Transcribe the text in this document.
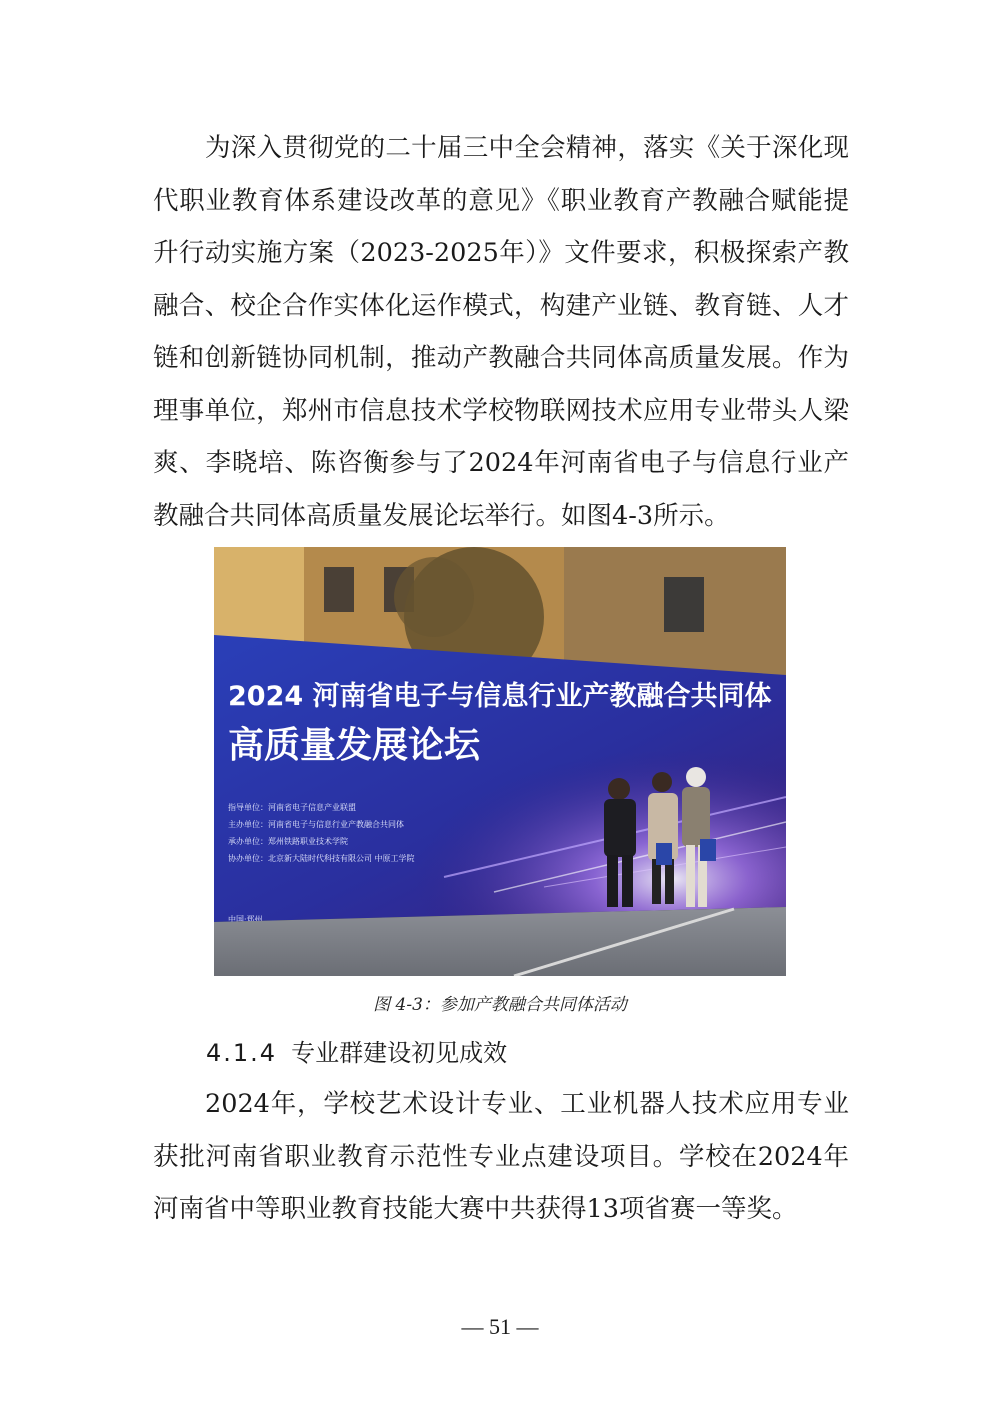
为深入贯彻党的二十届三中全会精神，落实《关于深化现代职业教育体系建设改革的意见》《职业教育产教融合赋能提升行动实施方案（2023-2025年）》文件要求，积极探索产教融合、校企合作实体化运作模式，构建产业链、教育链、人才链和创新链协同机制，推动产教融合共同体高质量发展。作为理事单位，郑州市信息技术学校物联网技术应用专业带头人梁爽、李晓培、陈咨衡参与了2024年河南省电子与信息行业产教融合共同体高质量发展论坛举行。如图4-3所示。

2024 河南省电子与信息行业产教融合共同体
高质量发展论坛
指导单位：河南省电子信息产业联盟
主办单位：河南省电子与信息行业产教融合共同体
承办单位：郑州铁路职业技术学院
协办单位：北京新大陆时代科技有限公司 中原工学院
中国·郑州
图 4-3：参加产教融合共同体活动
4.1.4 专业群建设初见成效

2024年，学校艺术设计专业、工业机器人技术应用专业获批河南省职业教育示范性专业点建设项目。学校在2024年河南省中等职业教育技能大赛中共获得13项省赛一等奖。

— 51 —
